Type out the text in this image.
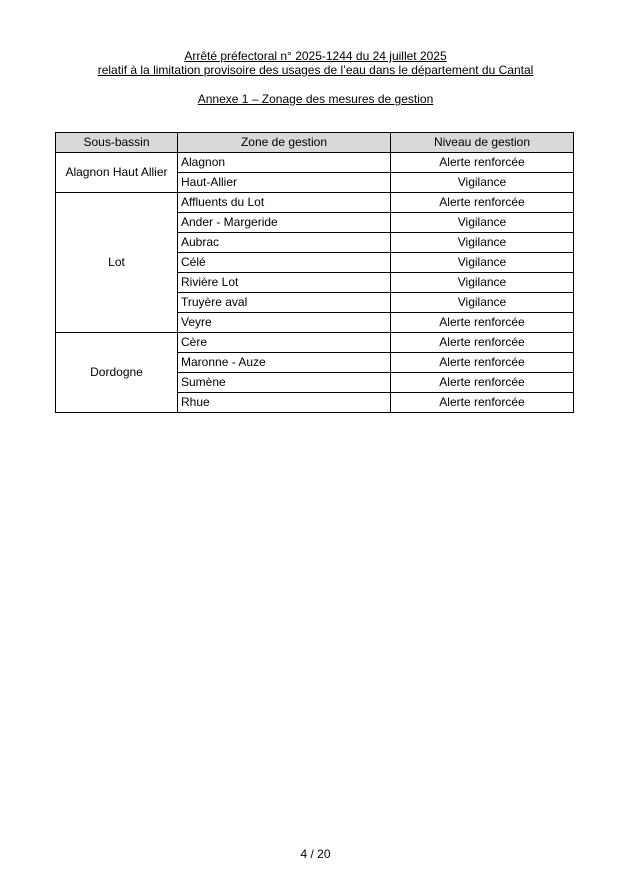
Arrêté préfectoral n° 2025-1244 du 24 juillet 2025
relatif à la limitation provisoire des usages de l’eau dans le département du Cantal
Annexe 1 – Zonage des mesures de gestion
Sous-bassin	Zone de gestion	Niveau de gestion
Alagnon Haut Allier	Alagnon	Alerte renforcée
	Haut-Allier	Vigilance
Lot	Affluents du Lot	Alerte renforcée
	Ander - Margeride	Vigilance
	Aubrac	Vigilance
	Célé	Vigilance
	Rivière Lot	Vigilance
	Truyère aval	Vigilance
	Veyre	Alerte renforcée
Dordogne	Cère	Alerte renforcée
	Maronne - Auze	Alerte renforcée
	Sumène	Alerte renforcée
	Rhue	Alerte renforcée
4 / 20
